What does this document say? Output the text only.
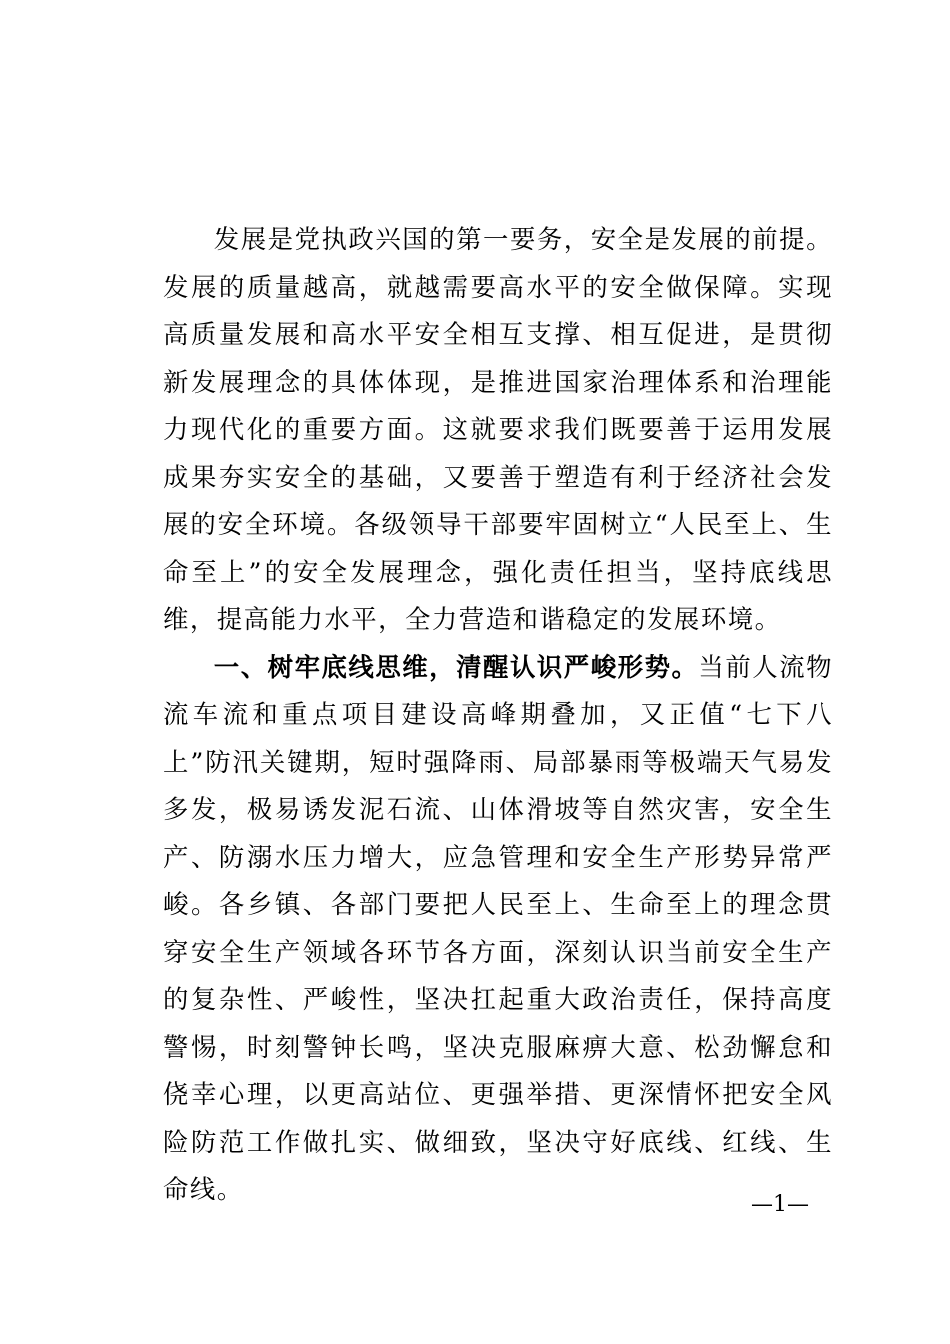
发展是党执政兴国的第一要务，安全是发展的前提。发展的质量越高，就越需要高水平的安全做保障。实现高质量发展和高水平安全相互支撑、相互促进，是贯彻新发展理念的具体体现，是推进国家治理体系和治理能力现代化的重要方面。这就要求我们既要善于运用发展成果夯实安全的基础，又要善于塑造有利于经济社会发展的安全环境。各级领导干部要牢固树立“人民至上、生命至上”的安全发展理念，强化责任担当，坚持底线思维，提高能力水平，全力营造和谐稳定的发展环境。

一、树牢底线思维，清醒认识严峻形势。当前人流物流车流和重点项目建设高峰期叠加，又正值“七下八上”防汛关键期，短时强降雨、局部暴雨等极端天气易发多发，极易诱发泥石流、山体滑坡等自然灾害，安全生产、防溺水压力增大，应急管理和安全生产形势异常严峻。各乡镇、各部门要把人民至上、生命至上的理念贯穿安全生产领域各环节各方面，深刻认识当前安全生产的复杂性、严峻性，坚决扛起重大政治责任，保持高度警惕，时刻警钟长鸣，坚决克服麻痹大意、松劲懈怠和侥幸心理，以更高站位、更强举措、更深情怀把安全风险防范工作做扎实、做细致，坚决守好底线、红线、生命线。

—1—
